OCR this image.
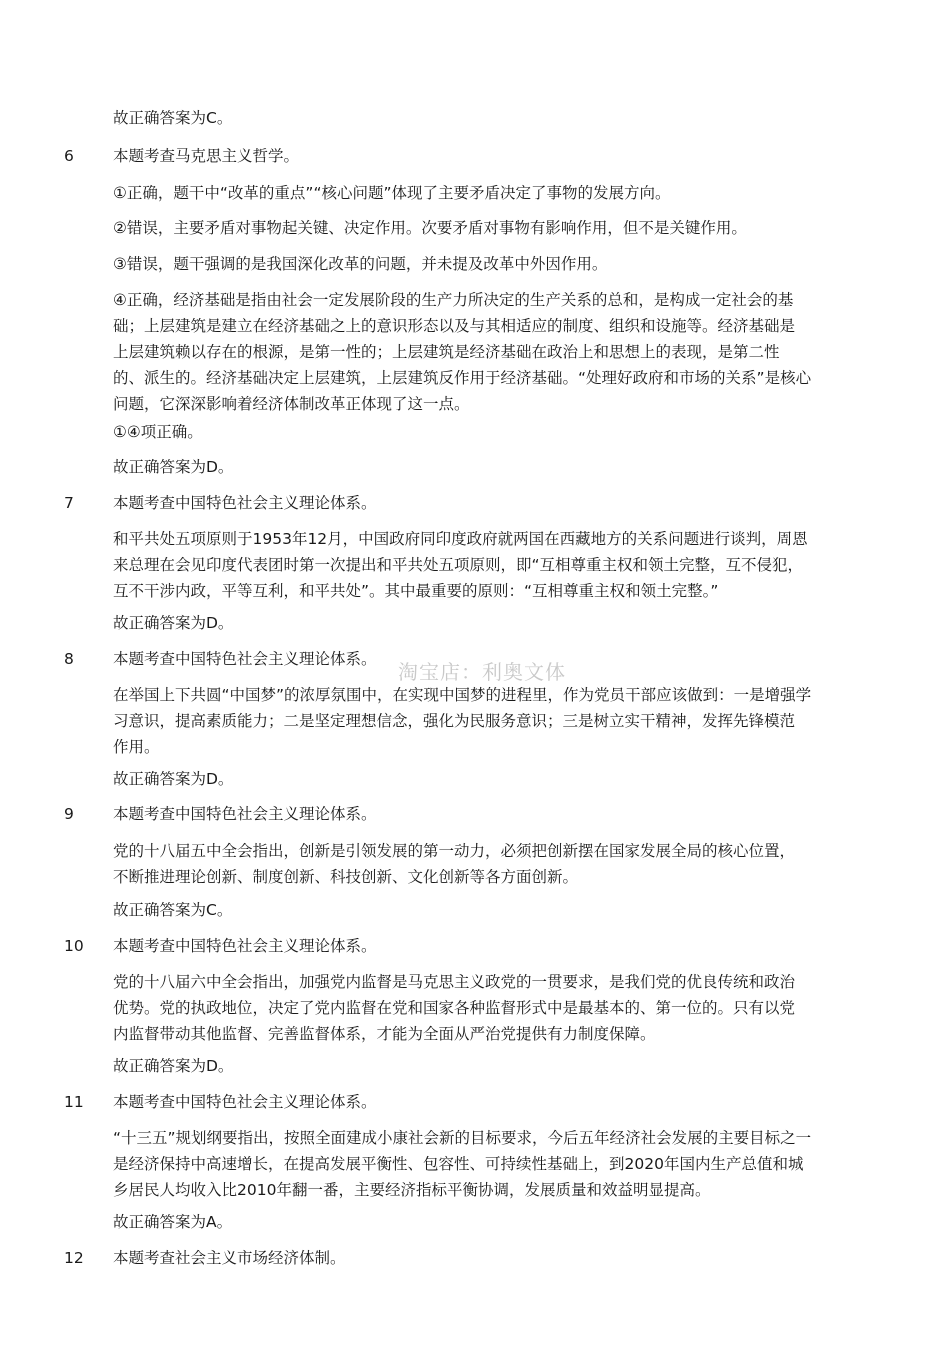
故正确答案为C。
6	本题考查马克思主义哲学。
①正确，题干中“改革的重点”“核心问题”体现了主要矛盾决定了事物的发展方向。
②错误，主要矛盾对事物起关键、决定作用。次要矛盾对事物有影响作用，但不是关键作用。
③错误，题干强调的是我国深化改革的问题，并未提及改革中外因作用。
④正确，经济基础是指由社会一定发展阶段的生产力所决定的生产关系的总和，是构成一定社会的基
础；上层建筑是建立在经济基础之上的意识形态以及与其相适应的制度、组织和设施等。经济基础是
上层建筑赖以存在的根源，是第一性的；上层建筑是经济基础在政治上和思想上的表现，是第二性
的、派生的。经济基础决定上层建筑，上层建筑反作用于经济基础。“处理好政府和市场的关系”是核心
问题，它深深影响着经济体制改革正体现了这一点。
①④项正确。
故正确答案为D。
7	本题考查中国特色社会主义理论体系。
和平共处五项原则于1953年12月，中国政府同印度政府就两国在西藏地方的关系问题进行谈判，周恩
来总理在会见印度代表团时第一次提出和平共处五项原则，即“互相尊重主权和领土完整，互不侵犯，
互不干涉内政，平等互利，和平共处”。其中最重要的原则：“互相尊重主权和领土完整。”
故正确答案为D。
8	本题考查中国特色社会主义理论体系。
在举国上下共圆“中国梦”的浓厚氛围中，在实现中国梦的进程里，作为党员干部应该做到：一是增强学
习意识，提高素质能力；二是坚定理想信念，强化为民服务意识；三是树立实干精神，发挥先锋模范
作用。
故正确答案为D。
9	本题考查中国特色社会主义理论体系。
党的十八届五中全会指出，创新是引领发展的第一动力，必须把创新摆在国家发展全局的核心位置，
不断推进理论创新、制度创新、科技创新、文化创新等各方面创新。
故正确答案为C。
10 本题考查中国特色社会主义理论体系。
党的十八届六中全会指出，加强党内监督是马克思主义政党的一贯要求，是我们党的优良传统和政治
优势。党的执政地位，决定了党内监督在党和国家各种监督形式中是最基本的、第一位的。只有以党
内监督带动其他监督、完善监督体系，才能为全面从严治党提供有力制度保障。
故正确答案为D。
11 本题考查中国特色社会主义理论体系。
“十三五”规划纲要指出，按照全面建成小康社会新的目标要求，今后五年经济社会发展的主要目标之一
是经济保持中高速增长，在提高发展平衡性、包容性、可持续性基础上，到2020年国内生产总值和城
乡居民人均收入比2010年翻一番，主要经济指标平衡协调，发展质量和效益明显提高。
故正确答案为A。
12 本题考查社会主义市场经济体制。
淘宝店：利奥文体
